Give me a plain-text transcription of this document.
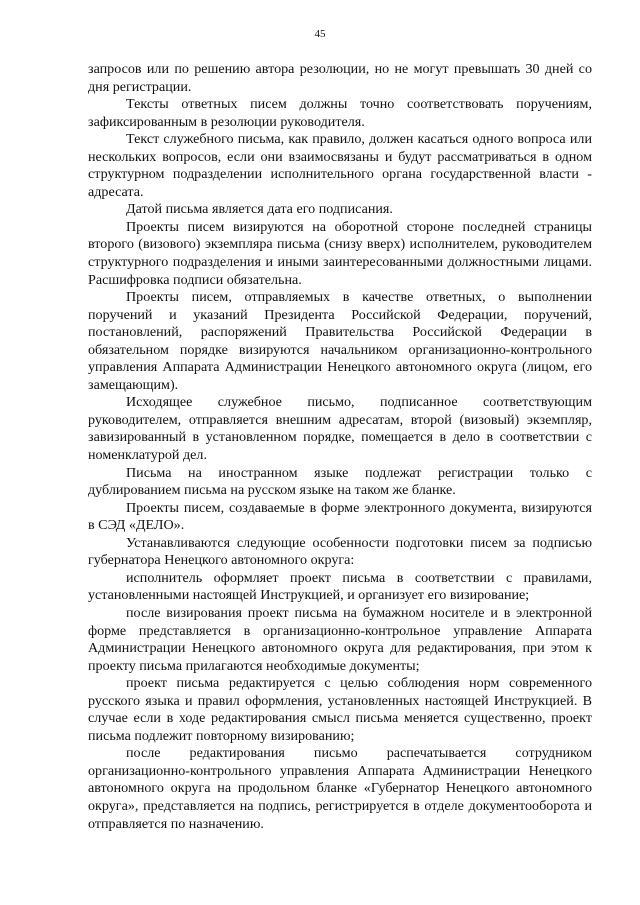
45

запросов или по решению автора резолюции, но не могут превышать 30 дней со дня регистрации.

Тексты ответных писем должны точно соответствовать поручениям, зафиксированным в резолюции руководителя.

Текст служебного письма, как правило, должен касаться одного вопроса или нескольких вопросов, если они взаимосвязаны и будут рассматриваться в одном структурном подразделении исполнительного органа государственной власти - адресата.

Датой письма является дата его подписания.

Проекты писем визируются на оборотной стороне последней страницы второго (визового) экземпляра письма (снизу вверх) исполнителем, руководителем структурного подразделения и иными заинтересованными должностными лицами. Расшифровка подписи обязательна.

Проекты писем, отправляемых в качестве ответных, о выполнении поручений и указаний Президента Российской Федерации, поручений, постановлений, распоряжений Правительства Российской Федерации в обязательном порядке визируются начальником организационно-контрольного управления Аппарата Администрации Ненецкого автономного округа (лицом, его замещающим).

Исходящее служебное письмо, подписанное соответствующим руководителем, отправляется внешним адресатам, второй (визовый) экземпляр, завизированный в установленном порядке, помещается в дело в соответствии с номенклатурой дел.

Письма на иностранном языке подлежат регистрации только с дублированием письма на русском языке на таком же бланке.

Проекты писем, создаваемые в форме электронного документа, визируются в СЭД «ДЕЛО».

Устанавливаются следующие особенности подготовки писем за подписью губернатора Ненецкого автономного округа:

исполнитель оформляет проект письма в соответствии с правилами, установленными настоящей Инструкцией, и организует его визирование;

после визирования проект письма на бумажном носителе и в электронной форме представляется в организационно-контрольное управление Аппарата Администрации Ненецкого автономного округа для редактирования, при этом к проекту письма прилагаются необходимые документы;

проект письма редактируется с целью соблюдения норм современного русского языка и правил оформления, установленных настоящей Инструкцией. В случае если в ходе редактирования смысл письма меняется существенно, проект письма подлежит повторному визированию;

после редактирования письмо распечатывается сотрудником организационно-контрольного управления Аппарата Администрации Ненецкого автономного округа на продольном бланке «Губернатор Ненецкого автономного округа», представляется на подпись, регистрируется в отделе документооборота и отправляется по назначению.
